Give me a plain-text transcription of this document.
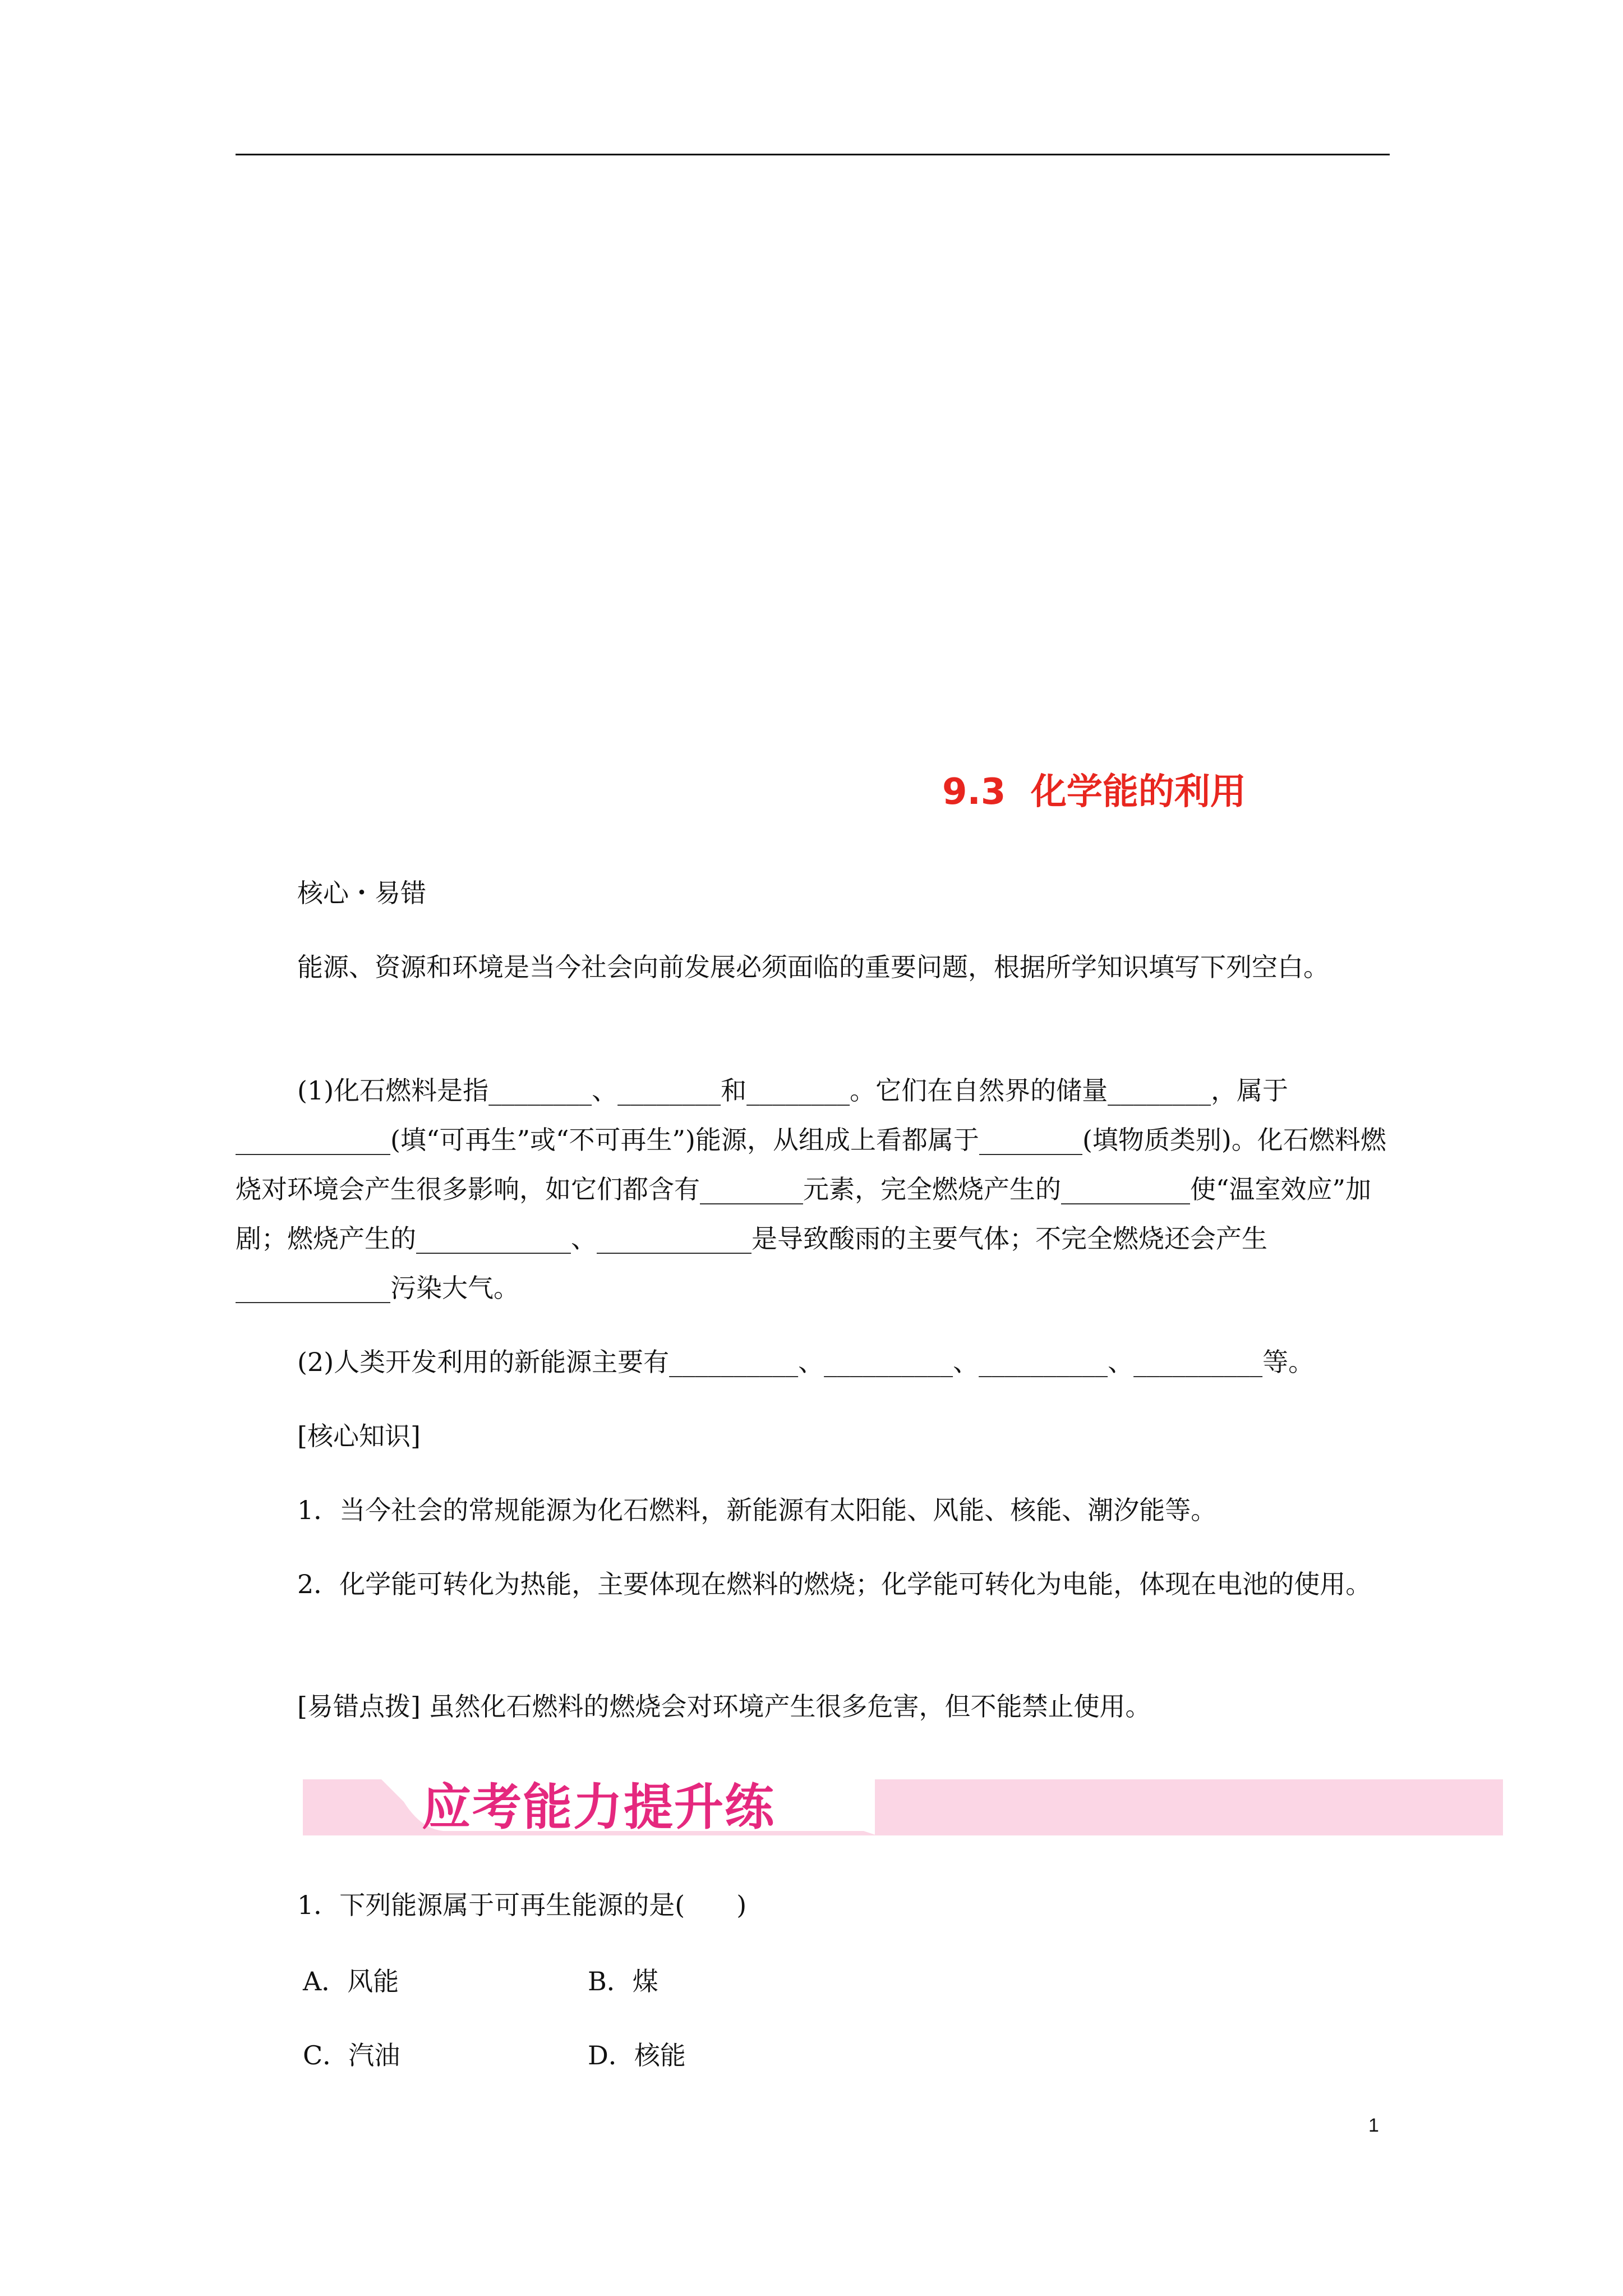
9.3  化学能的利用

核心・易错

能源、资源和环境是当今社会向前发展必须面临的重要问题，根据所学知识填写下列空白。

(1)化石燃料是指________、________和________。它们在自然界的储量________，属于____________(填“可再生”或“不可再生”)能源，从组成上看都属于________(填物质类别)。化石燃料燃烧对环境会产生很多影响，如它们都含有________元素，完全燃烧产生的__________使“温室效应”加剧；燃烧产生的____________、____________是导致酸雨的主要气体；不完全燃烧还会产生____________污染大气。

(2)人类开发利用的新能源主要有__________、__________、__________、__________等。

[核心知识]

1．当今社会的常规能源为化石燃料，新能源有太阳能、风能、核能、潮汐能等。

2．化学能可转化为热能，主要体现在燃料的燃烧；化学能可转化为电能，体现在电池的使用。

[易错点拨] 虽然化石燃料的燃烧会对环境产生很多危害，但不能禁止使用。

应考能力提升练

1．下列能源属于可再生能源的是(　　)

A．风能	B．煤

C．汽油	D．核能

1
